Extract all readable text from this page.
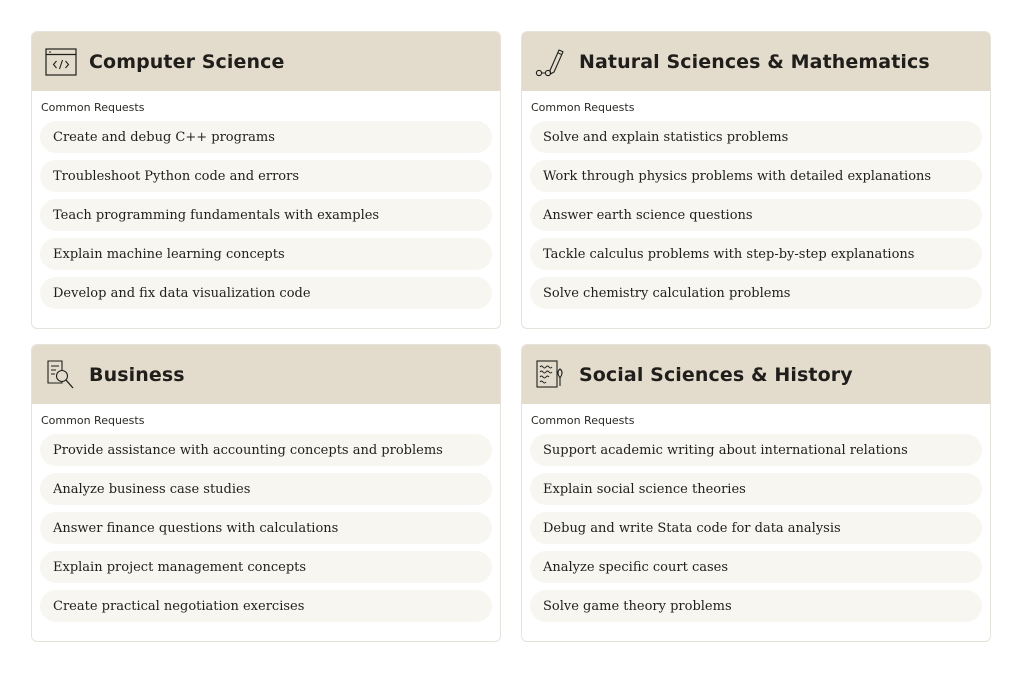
Computer Science
Common Requests
Create and debug C++ programs
Troubleshoot Python code and errors
Teach programming fundamentals with examples
Explain machine learning concepts
Develop and fix data visualization code
Natural Sciences & Mathematics
Common Requests
Solve and explain statistics problems
Work through physics problems with detailed explanations
Answer earth science questions
Tackle calculus problems with step-by-step explanations
Solve chemistry calculation problems
Business
Common Requests
Provide assistance with accounting concepts and problems
Analyze business case studies
Answer finance questions with calculations
Explain project management concepts
Create practical negotiation exercises
Social Sciences & History
Common Requests
Support academic writing about international relations
Explain social science theories
Debug and write Stata code for data analysis
Analyze specific court cases
Solve game theory problems
